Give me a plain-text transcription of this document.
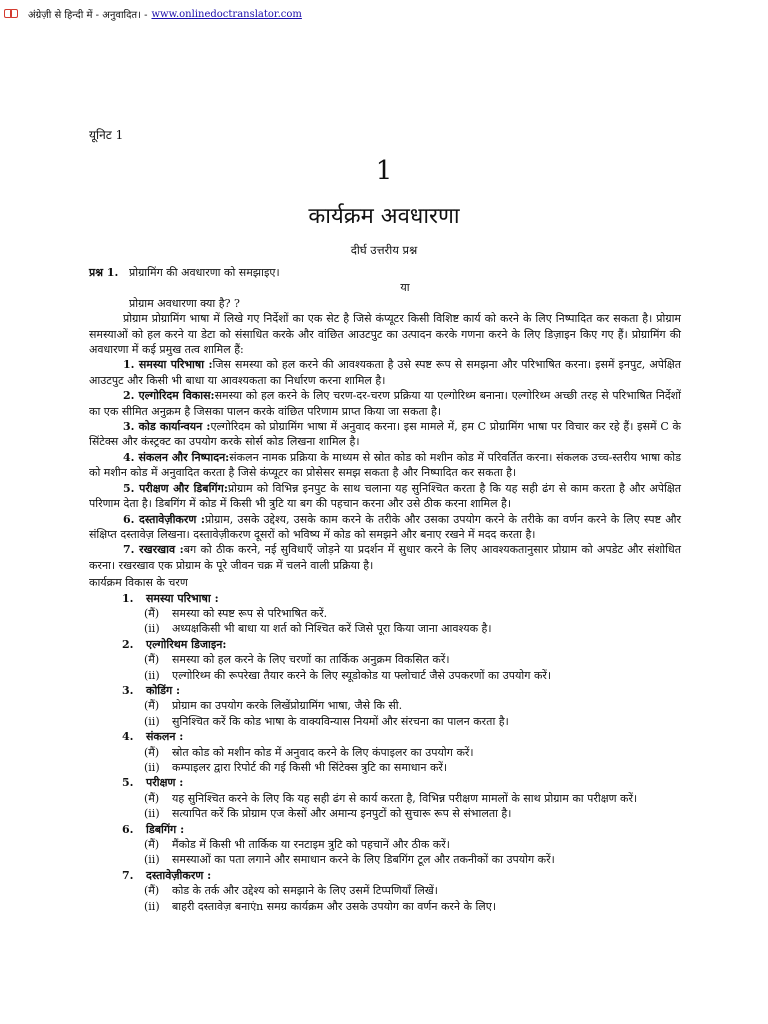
अंग्रेज़ी से हिन्दी में - अनुवादित। - www.onlinedoctranslator.com
यूनिट 1
1
कार्यक्रम अवधारणा
दीर्घ उत्तरीय प्रश्न
प्रश्न 1. प्रोग्रामिंग की अवधारणा को समझाइए।
या
प्रोग्राम अवधारणा क्या है? ?

प्रोग्राम प्रोग्रामिंग भाषा में लिखे गए निर्देशों का एक सेट है जिसे कंप्यूटर किसी विशिष्ट कार्य को करने के लिए निष्पादित कर सकता है। प्रोग्राम समस्याओं को हल करने या डेटा को संसाधित करके और वांछित आउटपुट का उत्पादन करके गणना करने के लिए डिज़ाइन किए गए हैं। प्रोग्रामिंग की अवधारणा में कई प्रमुख तत्व शामिल हैं:

1. समस्या परिभाषा :जिस समस्या को हल करने की आवश्यकता है उसे स्पष्ट रूप से समझना और परिभाषित करना। इसमें इनपुट, अपेक्षित आउटपुट और किसी भी बाधा या आवश्यकता का निर्धारण करना शामिल है।

2. एल्गोरिदम विकास:समस्या को हल करने के लिए चरण-दर-चरण प्रक्रिया या एल्गोरिथ्म बनाना। एल्गोरिथ्म अच्छी तरह से परिभाषित निर्देशों का एक सीमित अनुक्रम है जिसका पालन करके वांछित परिणाम प्राप्त किया जा सकता है।

3. कोड कार्यान्वयन :एल्गोरिदम को प्रोग्रामिंग भाषा में अनुवाद करना। इस मामले में, हम C प्रोग्रामिंग भाषा पर विचार कर रहे हैं। इसमें C के सिंटेक्स और कंस्ट्रक्ट का उपयोग करके सोर्स कोड लिखना शामिल है।

4. संकलन और निष्पादन:संकलन नामक प्रक्रिया के माध्यम से स्रोत कोड को मशीन कोड में परिवर्तित करना। संकलक उच्च-स्तरीय भाषा कोड को मशीन कोड में अनुवादित करता है जिसे कंप्यूटर का प्रोसेसर समझ सकता है और निष्पादित कर सकता है।

5. परीक्षण और डिबगिंग:प्रोग्राम को विभिन्न इनपुट के साथ चलाना यह सुनिश्चित करता है कि यह सही ढंग से काम करता है और अपेक्षित परिणाम देता है। डिबगिंग में कोड में किसी भी त्रुटि या बग की पहचान करना और उसे ठीक करना शामिल है।

6. दस्तावेज़ीकरण :प्रोग्राम, उसके उद्देश्य, उसके काम करने के तरीके और उसका उपयोग करने के तरीके का वर्णन करने के लिए स्पष्ट और संक्षिप्त दस्तावेज़ लिखना। दस्तावेज़ीकरण दूसरों को भविष्य में कोड को समझने और बनाए रखने में मदद करता है।

7. रखरखाव :बग को ठीक करने, नई सुविधाएँ जोड़ने या प्रदर्शन में सुधार करने के लिए आवश्यकतानुसार प्रोग्राम को अपडेट और संशोधित करना। रखरखाव एक प्रोग्राम के पूरे जीवन चक्र में चलने वाली प्रक्रिया है।

कार्यक्रम विकास के चरण
1.	समस्या परिभाषा :
(मैं)	समस्या को स्पष्ट रूप से परिभाषित करें.
(ii)	अध्यक्षकिसी भी बाधा या शर्त को निश्चित करें जिसे पूरा किया जाना आवश्यक है।
2.	एल्गोरिथम डिजाइन:
(मैं)	समस्या को हल करने के लिए चरणों का तार्किक अनुक्रम विकसित करें।
(ii)	एल्गोरिथ्म की रूपरेखा तैयार करने के लिए स्यूडोकोड या फ्लोचार्ट जैसे उपकरणों का उपयोग करें।
3.	कोडिंग :
(मैं)	प्रोग्राम का उपयोग करके लिखेंप्रोग्रामिंग भाषा, जैसे कि सी.
(ii)	सुनिश्चित करें कि कोड भाषा के वाक्यविन्यास नियमों और संरचना का पालन करता है।
4.	संकलन :
(मैं)	स्रोत कोड को मशीन कोड में अनुवाद करने के लिए कंपाइलर का उपयोग करें।
(ii)	कम्पाइलर द्वारा रिपोर्ट की गई किसी भी सिंटेक्स त्रुटि का समाधान करें।
5.	परीक्षण :
(मैं)	यह सुनिश्चित करने के लिए कि यह सही ढंग से कार्य करता है, विभिन्न परीक्षण मामलों के साथ प्रोग्राम का परीक्षण करें।
(ii)	सत्यापित करें कि प्रोग्राम एज केसों और अमान्य इनपुटों को सुचारू रूप से संभालता है।
6.	डिबगिंग :
(मैं)	मैंकोड में किसी भी तार्किक या रनटाइम त्रुटि को पहचानें और ठीक करें।
(ii)	समस्याओं का पता लगाने और समाधान करने के लिए डिबगिंग टूल और तकनीकों का उपयोग करें।
7.	दस्तावेज़ीकरण :
(मैं)	कोड के तर्क और उद्देश्य को समझाने के लिए उसमें टिप्पणियाँ लिखें।
(ii)	बाहरी दस्तावेज़ बनाएंn समग्र कार्यक्रम और उसके उपयोग का वर्णन करने के लिए।
